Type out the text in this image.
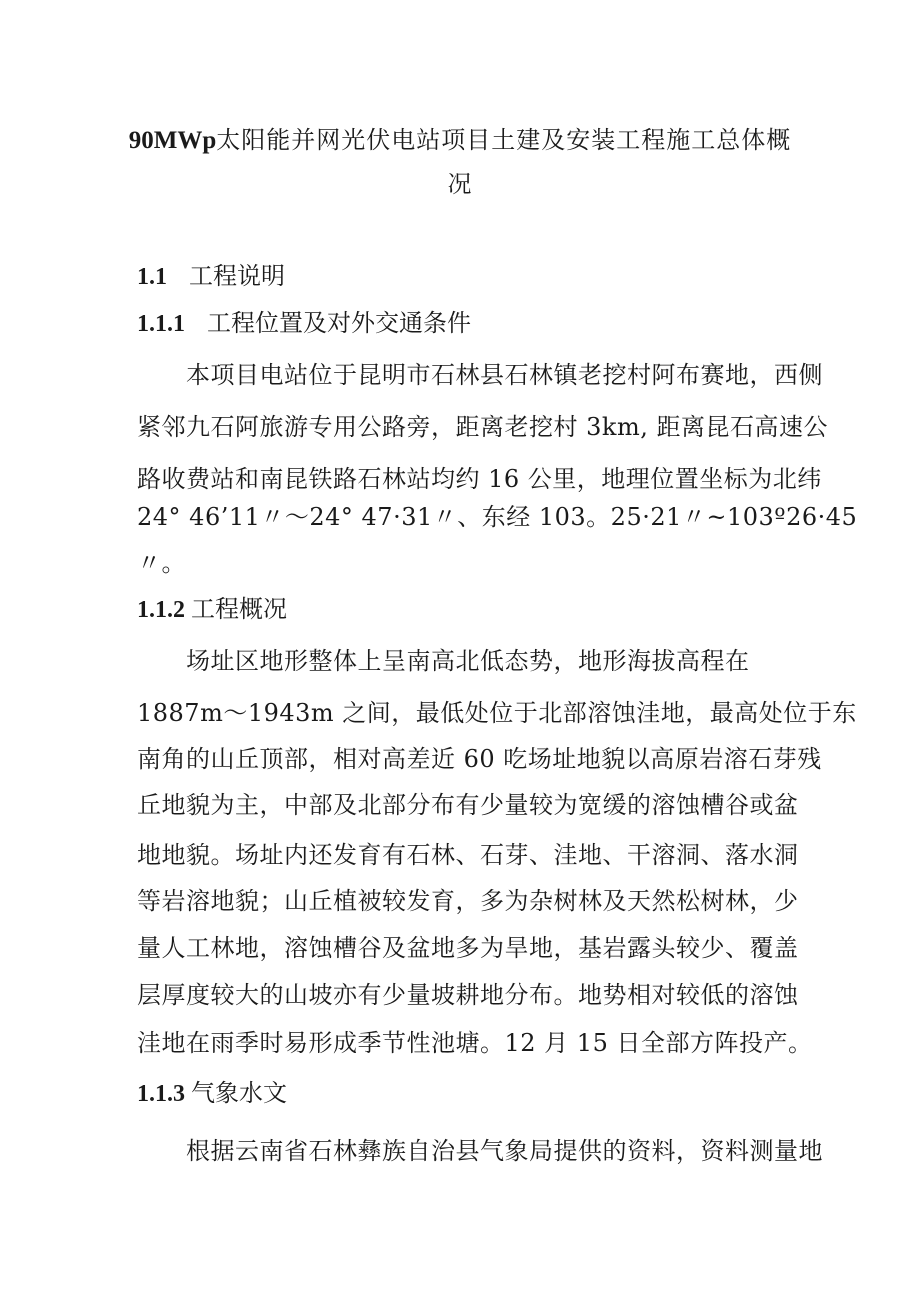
90MWp太阳能并网光伏电站项目土建及安装工程施工总体概
况
1.1 工程说明
1.1.1 工程位置及对外交通条件
本项目电站位于昆明市石林县石林镇老挖村阿布赛地，西侧
紧邻九石阿旅游专用公路旁，距离老挖村 3km, 距离昆石高速公
路收费站和南昆铁路石林站均约 16 公里，地理位置坐标为北纬
24° 46’11〃～24° 47·31〃、东经 103。25·21〃~103º26·45
〃。
1.1.2 工程概况
场址区地形整体上呈南高北低态势，地形海拔高程在
1887m～1943m 之间，最低处位于北部溶蚀洼地，最高处位于东
南角的山丘顶部，相对高差近 60 吃场址地貌以高原岩溶石芽残
丘地貌为主，中部及北部分布有少量较为宽缓的溶蚀槽谷或盆
地地貌。场址内还发育有石林、石芽、洼地、干溶洞、落水洞
等岩溶地貌；山丘植被较发育，多为杂树林及天然松树林，少
量人工林地，溶蚀槽谷及盆地多为旱地，基岩露头较少、覆盖
层厚度较大的山坡亦有少量坡耕地分布。地势相对较低的溶蚀
洼地在雨季时易形成季节性池塘。12 月 15 日全部方阵投产。
1.1.3 气象水文
根据云南省石林彝族自治县气象局提供的资料，资料测量地
